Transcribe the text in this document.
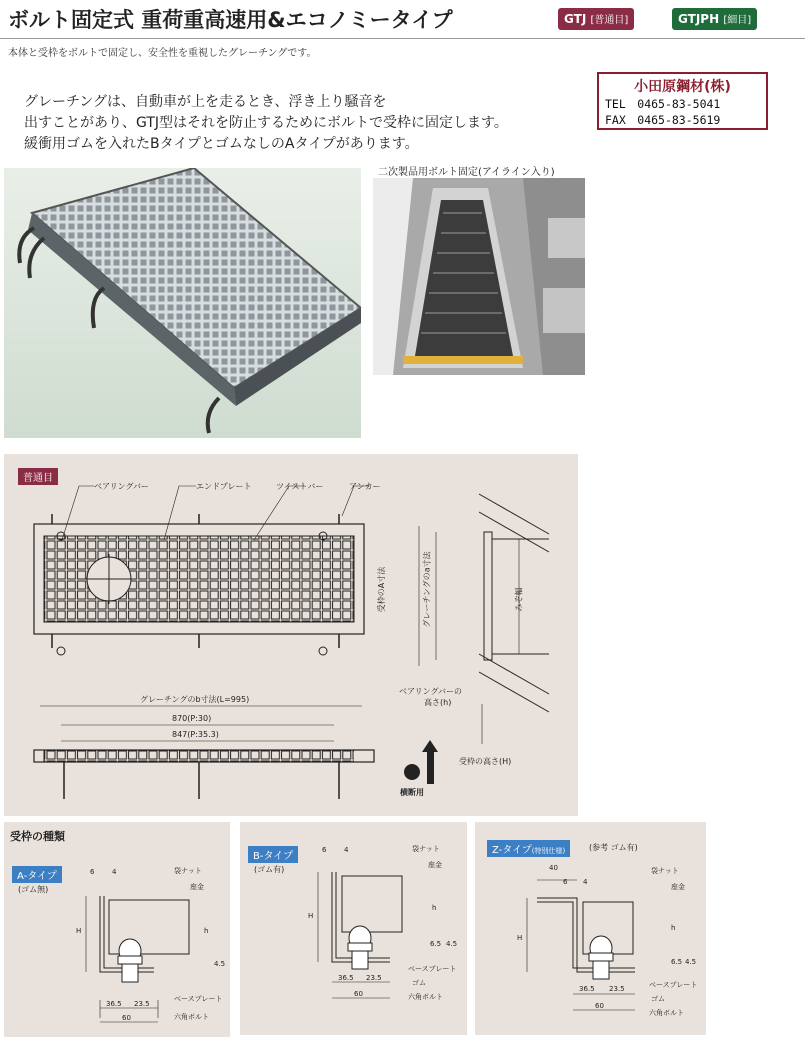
ボルト固定式 重荷重高速用&エコノミータイプ	GTJ [普通目]	GTJPH [細目]
本体と受枠をボルトで固定し、安全性を重視したグレーチングです。
小田原鋼材(株)
TEL　0465-83-5041
FAX　0465-83-5619
グレーチングは、自動車が上を走るとき、浮き上り騒音を
出すことがあり、GTJ型はそれを防止するためにボルトで受枠に固定します。
緩衝用ゴムを入れたBタイプとゴムなしのAタイプがあります。
二次製品用ボルト固定(アイライン入り)
普通目
ベアリングバー	エンドプレート	ツイストバー	アンカー
グレーチングのb寸法(L=995)
870(P:30)
847(P:35.3)
受枠のA寸法	グレーチングのa寸法	みぞ幅
ベアリングバーの
高さ(h)
受枠の高さ(H)
横断用
受枠の種類
A-タイプ
(ゴム無)
6	4
H	h
4.5
36.5 23.5
60
袋ナット
座金
ベースプレート
六角ボルト
B-タイプ
(ゴム有)
6	4
H
h
6.5 4.5
36.5 23.5
60
袋ナット
座金
ベースプレート
ゴム
六角ボルト
Z-タイプ(特別仕様)	(参考 ゴム有)
40
6 4
H
h
6.5 4.5
36.5 23.5
60
袋ナット
座金
ベースプレート
ゴム
六角ボルト
